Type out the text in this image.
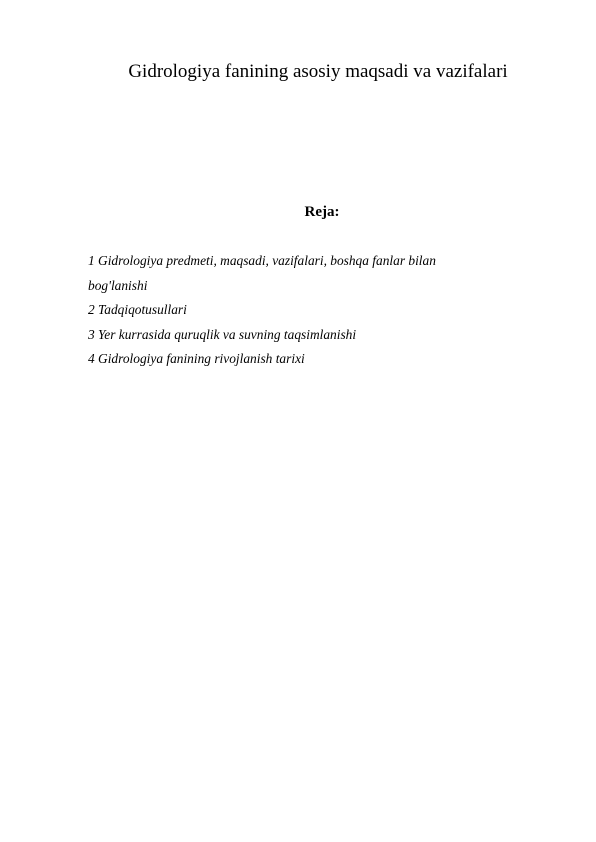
Gidrologiya fanining asosiy maqsadi va vazifalari
Reja:
1 Gidrologiya predmeti, maqsadi, vazifalari, boshqa fanlar bilan
bog'lanishi
2 Tadqiqotusullari
3 Yer kurrasida quruqlik va suvning taqsimlanishi
4 Gidrologiya fanining rivojlanish tarixi
